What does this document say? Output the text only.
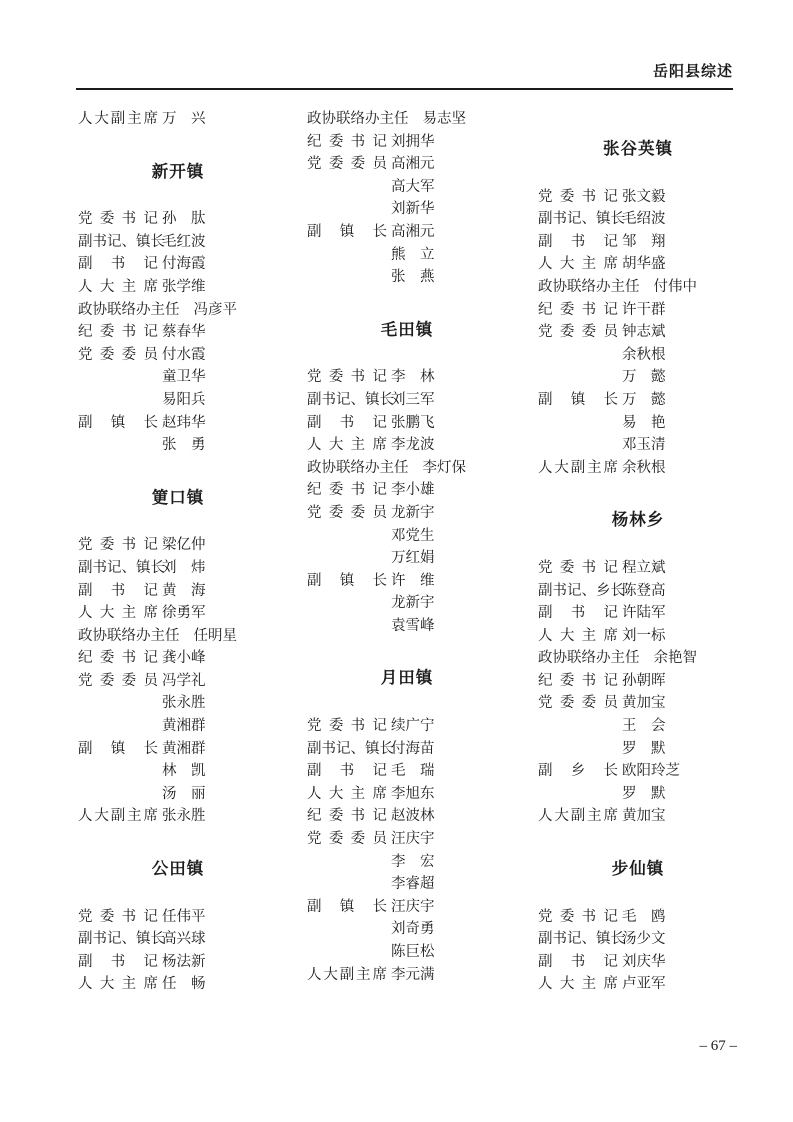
岳阳县综述
人大副主席 万　兴
新开镇
党委书记 孙　肽
副书记、镇长毛红波
副书记 付海霞
人大主席 张学维
政协联络办主任 冯彦平
纪委书记 蔡春华
党委委员 付水霞
童卫华
易阳兵
副镇长 赵玮华
张　勇
筻口镇
党委书记 梁亿仲
副书记、镇长刘　炜
副书记 黄　海
人大主席 徐勇军
政协联络办主任 任明星
纪委书记 龚小峰
党委委员 冯学礼
张永胜
黄湘群
副镇长 黄湘群
林　凯
汤　丽
人大副主席 张永胜
公田镇
党委书记 任伟平
副书记、镇长高兴球
副书记 杨法新
人大主席 任　畅
政协联络办主任 易志坚
纪委书记 刘拥华
党委委员 高湘元
高大军
刘新华
副镇长 高湘元
熊　立
张　燕
毛田镇
党委书记 李　林
副书记、镇长刘三军
副书记 张鹏飞
人大主席 李龙波
政协联络办主任 李灯保
纪委书记 李小雄
党委委员 龙新宇
邓党生
万红娟
副镇长 许　维
龙新宇
袁雪峰
月田镇
党委书记 续广宁
副书记、镇长付海苗
副书记 毛　瑞
人大主席 李旭东
纪委书记 赵波林
党委委员 汪庆宇
李　宏
李睿超
副镇长 汪庆宇
刘奇勇
陈巨松
人大副主席 李元满
张谷英镇
党委书记 张文毅
副书记、镇长毛绍波
副书记 邹　翔
人大主席 胡华盛
政协联络办主任 付伟中
纪委书记 许干群
党委委员 钟志斌
余秋根
万　懿
副镇长 万　懿
易　艳
邓玉清
人大副主席 余秋根
杨林乡
党委书记 程立斌
副书记、乡长陈登高
副书记 许陆军
人大主席 刘一标
政协联络办主任 余艳智
纪委书记 孙朝晖
党委委员 黄加宝
王　会
罗　默
副乡长 欧阳玲芝
罗　默
人大副主席 黄加宝
步仙镇
党委书记 毛　鸥
副书记、镇长汤少文
副书记 刘庆华
人大主席 卢亚军
– 67 –
